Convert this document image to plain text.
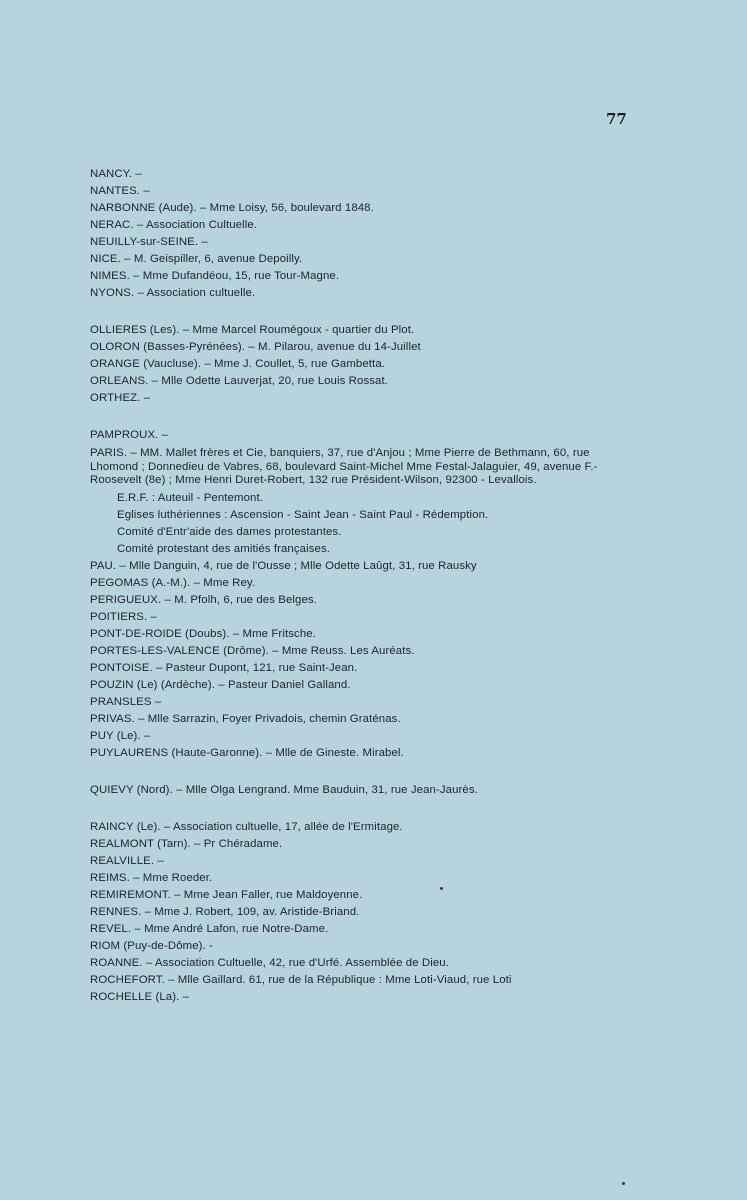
77

NANCY. –

NANTES. –

NARBONNE (Aude). – Mme Loisy, 56, boulevard 1848.

NERAC. – Association Cultuelle.

NEUILLY-sur-SEINE. –

NICE. – M. Geispiller, 6, avenue Depoilly.

NIMES. – Mme Dufandéou, 15, rue Tour-Magne.

NYONS. – Association cultuelle.

OLLIERES (Les). – Mme Marcel Roumégoux - quartier du Plot.

OLORON (Basses-Pyrénées). – M. Pilarou, avenue du 14-Juillet

ORANGE (Vaucluse). – Mme J. Coullet, 5, rue Gambetta.

ORLEANS. – Mlle Odette Lauverjat, 20, rue Louis Rossat.

ORTHEZ. –

PAMPROUX. –

PARIS. – MM. Mallet frères et Cie, banquiers, 37, rue d'Anjou ; Mme Pierre de Bethmann, 60, rue Lhomond ; Donnedieu de Vabres, 68, boulevard Saint-Michel Mme Festal-Jalaguier, 49, avenue F.-Roosevelt (8e) ; Mme Henri Duret-Robert, 132 rue Président-Wilson, 92300 - Levallois.

E.R.F. : Auteuil - Pentemont.

Eglises luthériennes : Ascension - Saint Jean - Saint Paul - Rédemption.

Comité d'Entr'aide des dames protestantes.

Comité protestant des amitiés françaises.

PAU. – Mlle Danguin, 4, rue de l'Ousse ; Mlle Odette Laûgt, 31, rue Rausky

PEGOMAS (A.-M.). – Mme Rey.

PERIGUEUX. – M. Pfolh, 6, rue des Belges.

POITIERS. –

PONT-DE-ROIDE (Doubs). – Mme Fritsche.

PORTES-LES-VALENCE (Drôme). – Mme Reuss. Les Auréats.

PONTOISE. – Pasteur Dupont, 121, rue Saint-Jean.

POUZIN (Le) (Ardèche). – Pasteur Daniel Galland.

PRANSLES –

PRIVAS. – Mlle Sarrazin, Foyer Privadois, chemin Graténas.

PUY (Le). –

PUYLAURENS (Haute-Garonne). – Mlle de Gineste. Mirabel.

QUIEVY (Nord). – Mlle Olga Lengrand. Mme Bauduin, 31, rue Jean-Jaurès.

RAINCY (Le). – Association cultuelle, 17, allée de l'Ermitage.

REALMONT (Tarn). – Pr Chéradame.

REALVILLE. –

REIMS. – Mme Roeder.

REMIREMONT. – Mme Jean Faller, rue Maldoyenne.

RENNES. – Mme J. Robert, 109, av. Aristide-Briand.

REVEL. – Mme André Lafon, rue Notre-Dame.

RIOM (Puy-de-Dôme). -

ROANNE. – Association Cultuelle, 42, rue d'Urfé. Assemblée de Dieu.

ROCHEFORT. – Mlle Gaillard. 61, rue de la République : Mme Loti-Viaud, rue Loti

ROCHELLE (La). –
